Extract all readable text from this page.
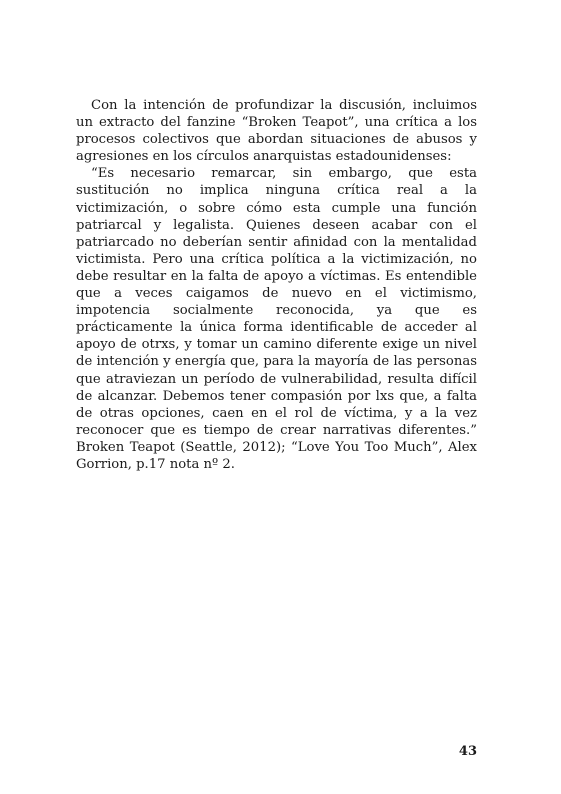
Con la intención de profundizar la discusión, incluimos un extracto del fanzine “Broken Teapot”, una crítica a los procesos colectivos que abordan situaciones de abusos y agresiones en los círculos anarquistas estadounidenses:

“Es necesario remarcar, sin embargo, que esta sustitución no implica ninguna crítica real a la victimización, o sobre cómo esta cumple una función patriarcal y legalista. Quienes deseen acabar con el patriarcado no deberían sentir afinidad con la mentalidad victimista. Pero una crítica política a la victimización, no debe resultar en la falta de apoyo a víctimas. Es entendible que a veces caigamos de nuevo en el victimismo, impotencia socialmente reconocida, ya que es prácticamente la única forma identificable de acceder al apoyo de otrxs, y tomar un camino diferente exige un nivel de intención y energía que, para la mayoría de las personas que atraviezan un período de vulnerabilidad, resulta difícil de alcanzar. Debemos tener compasión por lxs que, a falta de otras opciones, caen en el rol de víctima, y a la vez reconocer que es tiempo de crear narrativas diferentes.” Broken Teapot (Seattle, 2012); “Love You Too Much”, Alex Gorrion, p.17 nota nº 2.

43
